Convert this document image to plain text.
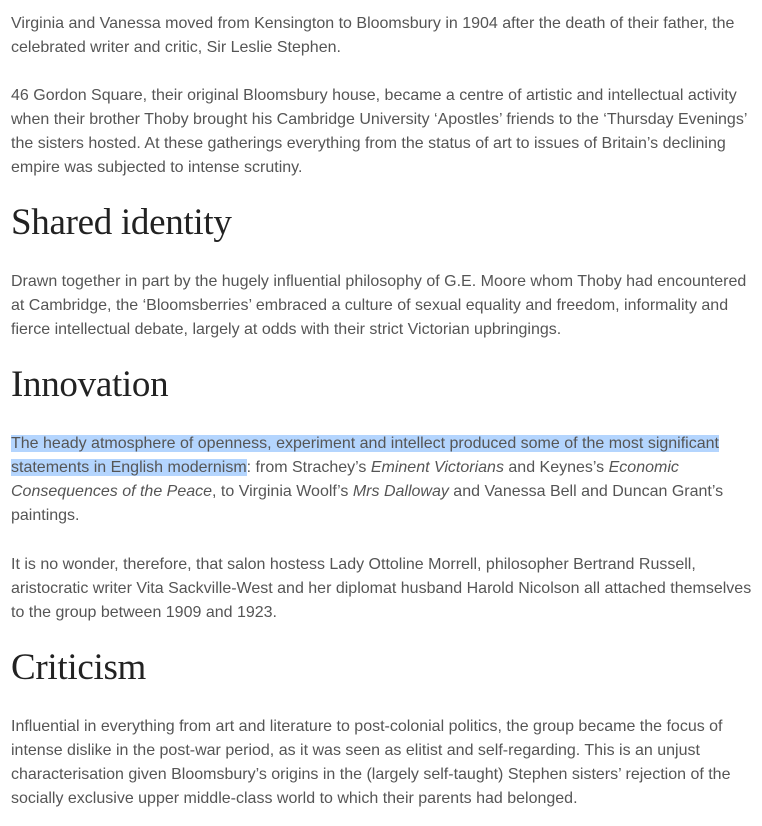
Virginia and Vanessa moved from Kensington to Bloomsbury in 1904 after the death of their father, the celebrated writer and critic, Sir Leslie Stephen.

46 Gordon Square, their original Bloomsbury house, became a centre of artistic and intellectual activity when their brother Thoby brought his Cambridge University ‘Apostles’ friends to the ‘Thursday Evenings’ the sisters hosted. At these gatherings everything from the status of art to issues of Britain’s declining empire was subjected to intense scrutiny.

Shared identity

Drawn together in part by the hugely influential philosophy of G.E. Moore whom Thoby had encountered at Cambridge, the ‘Bloomsberries’ embraced a culture of sexual equality and freedom, informality and fierce intellectual debate, largely at odds with their strict Victorian upbringings.

Innovation

The heady atmosphere of openness, experiment and intellect produced some of the most significant statements in English modernism: from Strachey’s Eminent Victorians and Keynes’s Economic Consequences of the Peace, to Virginia Woolf’s Mrs Dalloway and Vanessa Bell and Duncan Grant’s paintings.

It is no wonder, therefore, that salon hostess Lady Ottoline Morrell, philosopher Bertrand Russell, aristocratic writer Vita Sackville-West and her diplomat husband Harold Nicolson all attached themselves to the group between 1909 and 1923.

Criticism

Influential in everything from art and literature to post-colonial politics, the group became the focus of intense dislike in the post-war period, as it was seen as elitist and self-regarding. This is an unjust characterisation given Bloomsbury’s origins in the (largely self-taught) Stephen sisters’ rejection of the socially exclusive upper middle-class world to which their parents had belonged.
